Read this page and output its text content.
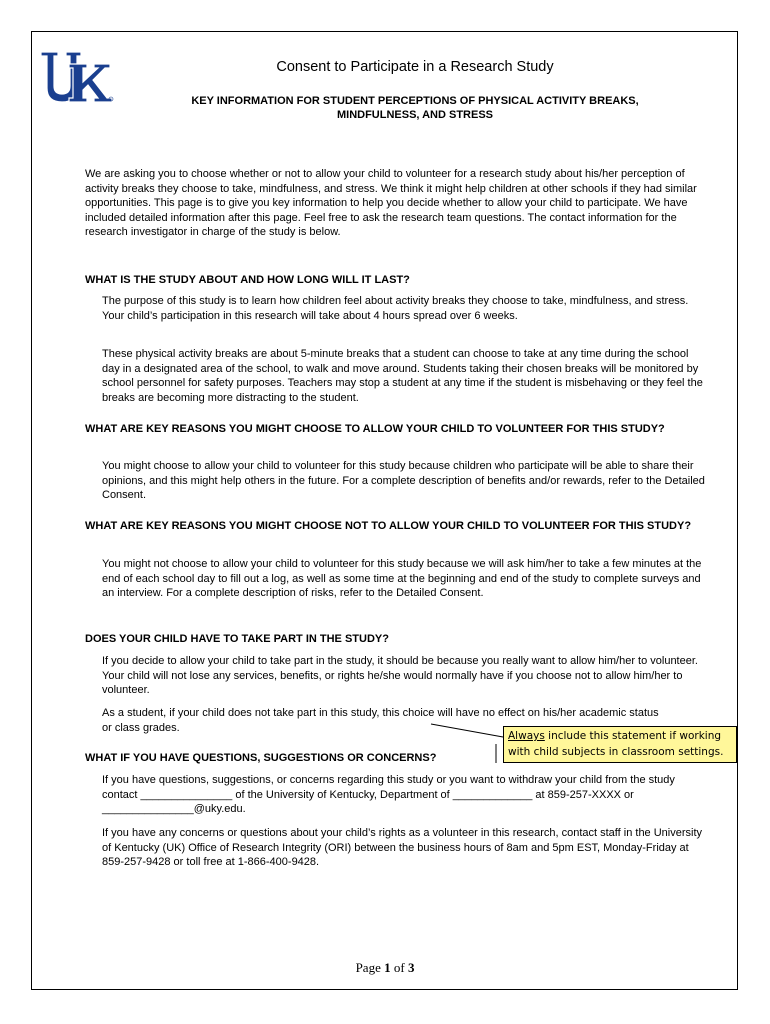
Consent to Participate in a Research Study
KEY INFORMATION FOR STUDENT PERCEPTIONS OF PHYSICAL ACTIVITY BREAKS, MINDFULNESS, AND STRESS

We are asking you to choose whether or not to allow your child to volunteer for a research study about his/her perception of activity breaks they choose to take, mindfulness, and stress. We think it might help children at other schools if they had similar opportunities. This page is to give you key information to help you decide whether to allow your child to participate. We have included detailed information after this page. Feel free to ask the research team questions. The contact information for the research investigator in charge of the study is below.

WHAT IS THE STUDY ABOUT AND HOW LONG WILL IT LAST?

The purpose of this study is to learn how children feel about activity breaks they choose to take, mindfulness, and stress. Your child’s participation in this research will take about 4 hours spread over 6 weeks.

These physical activity breaks are about 5-minute breaks that a student can choose to take at any time during the school day in a designated area of the school, to walk and move around. Students taking their chosen breaks will be monitored by school personnel for safety purposes. Teachers may stop a student at any time if the student is misbehaving or they feel the breaks are becoming more distracting to the student.

WHAT ARE KEY REASONS YOU MIGHT CHOOSE TO ALLOW YOUR CHILD TO VOLUNTEER FOR THIS STUDY?

You might choose to allow your child to volunteer for this study because children who participate will be able to share their opinions, and this might help others in the future. For a complete description of benefits and/or rewards, refer to the Detailed Consent.

WHAT ARE KEY REASONS YOU MIGHT CHOOSE NOT TO ALLOW YOUR CHILD TO VOLUNTEER FOR THIS STUDY?

You might not choose to allow your child to volunteer for this study because we will ask him/her to take a few minutes at the end of each school day to fill out a log, as well as some time at the beginning and end of the study to complete surveys and an interview. For a complete description of risks, refer to the Detailed Consent.

DOES YOUR CHILD HAVE TO TAKE PART IN THE STUDY?

If you decide to allow your child to take part in the study, it should be because you really want to allow him/her to volunteer. Your child will not lose any services, benefits, or rights he/she would normally have if you choose not to allow him/her to volunteer.

As a student, if your child does not take part in this study, this choice will have no effect on his/her academic status or class grades.

WHAT IF YOU HAVE QUESTIONS, SUGGESTIONS OR CONCERNS?

If you have questions, suggestions, or concerns regarding this study or you want to withdraw your child from the study contact _______________ of the University of Kentucky, Department of _____________ at 859-257-XXXX or _______________@uky.edu.

If you have any concerns or questions about your child’s rights as a volunteer in this research, contact staff in the University of Kentucky (UK) Office of Research Integrity (ORI) between the business hours of 8am and 5pm EST, Monday-Friday at 859-257-9428 or toll free at 1-866-400-9428.

Always include this statement if working with child subjects in classroom settings.
Page 1 of 3
